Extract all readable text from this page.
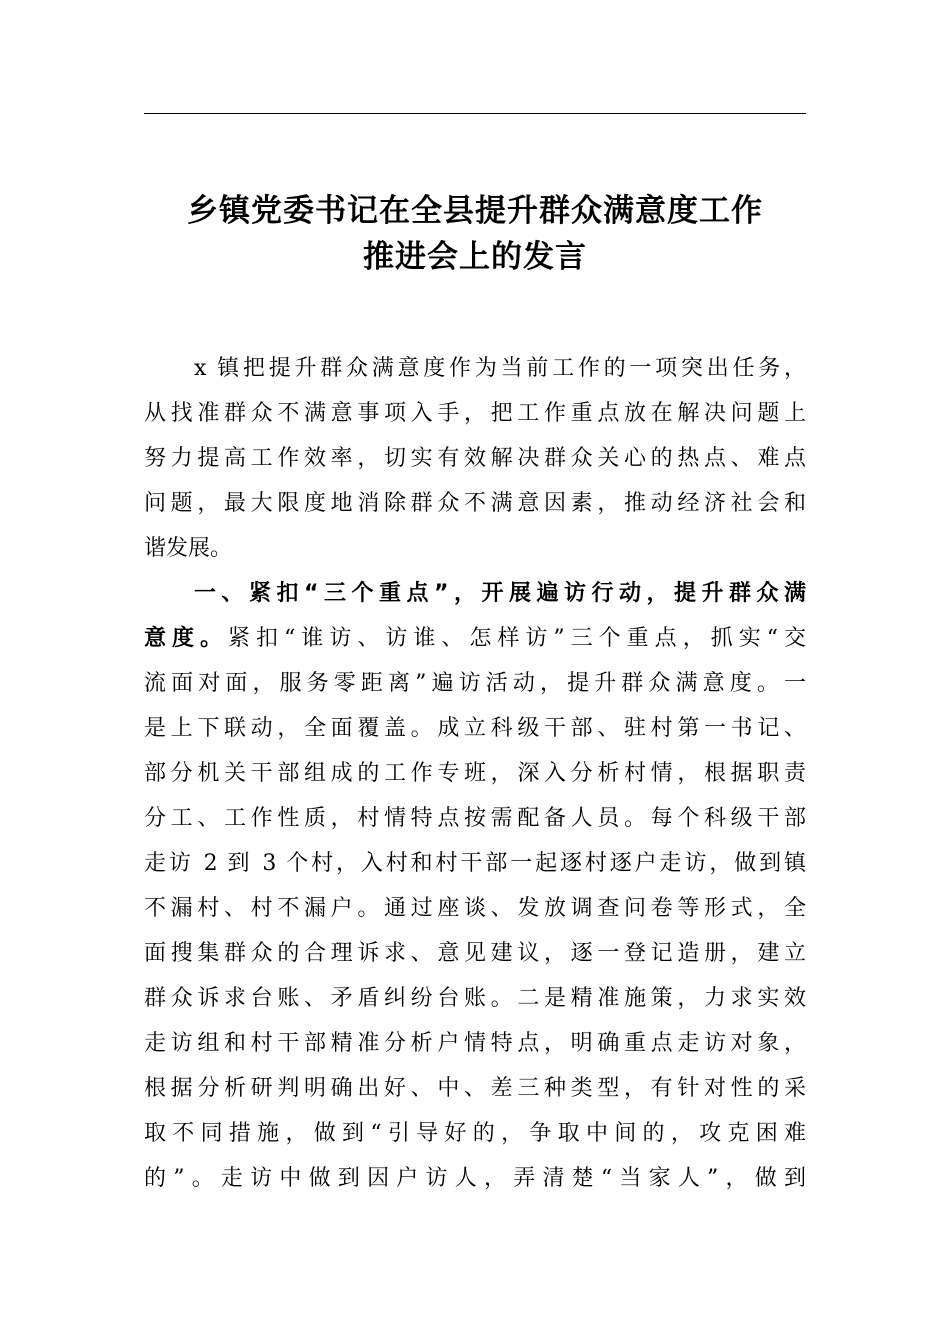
乡镇党委书记在全县提升群众满意度工作
推进会上的发言
x 镇把提升群众满意度作为当前工作的一项突出任务，
从找准群众不满意事项入手，把工作重点放在解决问题上
努力提高工作效率，切实有效解决群众关心的热点、难点
问题，最大限度地消除群众不满意因素，推动经济社会和
谐发展。
一、紧扣“三个重点”，开展遍访行动，提升群众满
意度。紧扣“谁访、访谁、怎样访”三个重点，抓实“交
流面对面，服务零距离”遍访活动，提升群众满意度。一
是上下联动，全面覆盖。成立科级干部、驻村第一书记、
部分机关干部组成的工作专班，深入分析村情，根据职责
分工、工作性质，村情特点按需配备人员。每个科级干部
走访 2 到 3 个村，入村和村干部一起逐村逐户走访，做到镇
不漏村、村不漏户。通过座谈、发放调查问卷等形式，全
面搜集群众的合理诉求、意见建议，逐一登记造册，建立
群众诉求台账、矛盾纠纷台账。二是精准施策，力求实效
走访组和村干部精准分析户情特点，明确重点走访对象，
根据分析研判明确出好、中、差三种类型，有针对性的采
取不同措施，做到“引导好的，争取中间的，攻克困难
的”。走访中做到因户访人，弄清楚“当家人”，做到
